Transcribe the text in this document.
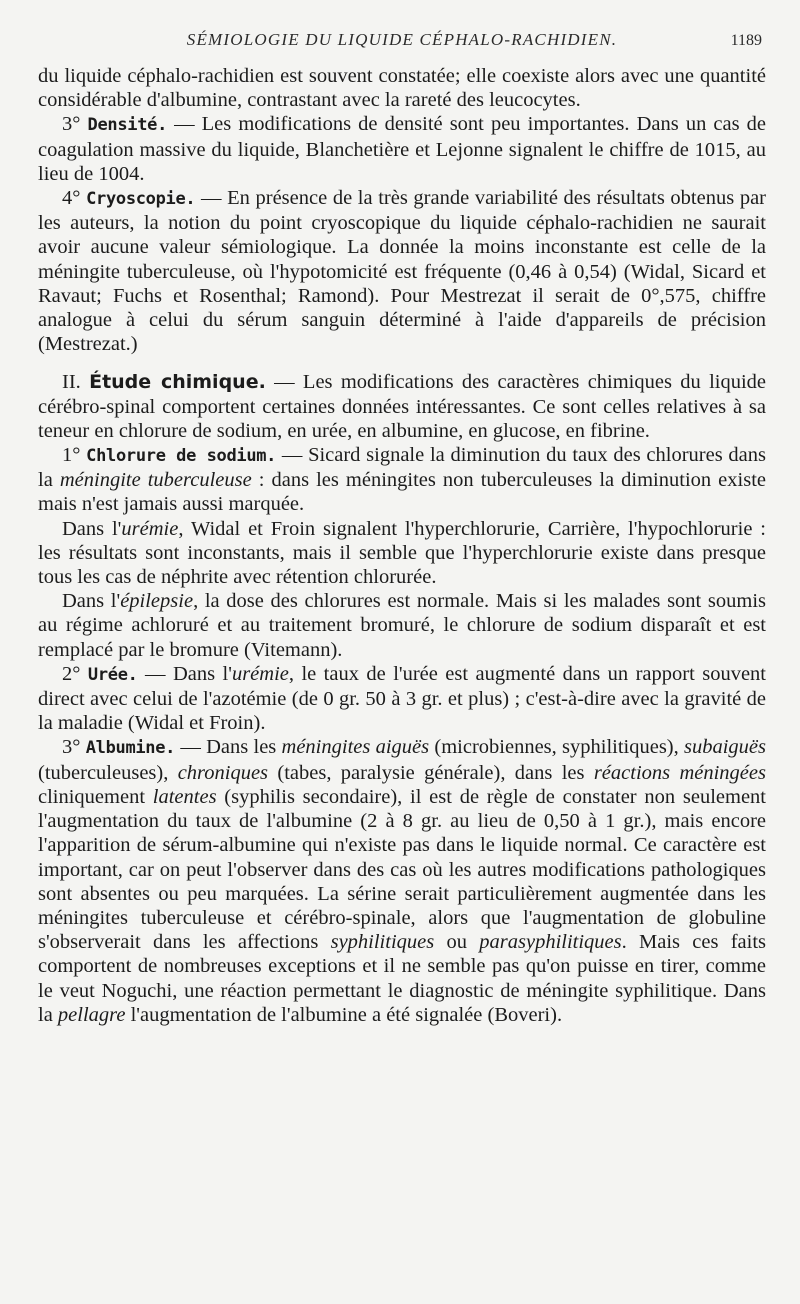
SÉMIOLOGIE DU LIQUIDE CÉPHALO-RACHIDIEN.	1189

du liquide céphalo-rachidien est souvent constatée; elle coexiste alors avec une quantité considérable d'albumine, contrastant avec la rareté des leucocytes.

3° Densité. — Les modifications de densité sont peu importantes. Dans un cas de coagulation massive du liquide, Blanchetière et Lejonne signalent le chiffre de 1015, au lieu de 1004.

4° Cryoscopie. — En présence de la très grande variabilité des résultats obtenus par les auteurs, la notion du point cryoscopique du liquide céphalo-rachidien ne saurait avoir aucune valeur sémiologique. La donnée la moins inconstante est celle de la méningite tuberculeuse, où l'hypotomicité est fréquente (0,46 à 0,54) (Widal, Sicard et Ravaut; Fuchs et Rosenthal; Ramond). Pour Mestrezat il serait de 0°,575, chiffre analogue à celui du sérum sanguin déterminé à l'aide d'appareils de précision (Mestrezat.)

II. Étude chimique. — Les modifications des caractères chimiques du liquide cérébro-spinal comportent certaines données intéressantes. Ce sont celles relatives à sa teneur en chlorure de sodium, en urée, en albumine, en glucose, en fibrine.

1° Chlorure de sodium. — Sicard signale la diminution du taux des chlorures dans la méningite tuberculeuse : dans les méningites non tuberculeuses la diminution existe mais n'est jamais aussi marquée.

Dans l'urémie, Widal et Froin signalent l'hyperchlorurie, Carrière, l'hypochlorurie : les résultats sont inconstants, mais il semble que l'hyperchlorurie existe dans presque tous les cas de néphrite avec rétention chlorurée.

Dans l'épilepsie, la dose des chlorures est normale. Mais si les malades sont soumis au régime achloruré et au traitement bromuré, le chlorure de sodium disparaît et est remplacé par le bromure (Vitemann).

2° Urée. — Dans l'urémie, le taux de l'urée est augmenté dans un rapport souvent direct avec celui de l'azotémie (de 0 gr. 50 à 3 gr. et plus) ; c'est-à-dire avec la gravité de la maladie (Widal et Froin).

3° Albumine. — Dans les méningites aiguës (microbiennes, syphilitiques), subaiguës (tuberculeuses), chroniques (tabes, paralysie générale), dans les réactions méningées cliniquement latentes (syphilis secondaire), il est de règle de constater non seulement l'augmentation du taux de l'albumine (2 à 8 gr. au lieu de 0,50 à 1 gr.), mais encore l'apparition de sérum-albumine qui n'existe pas dans le liquide normal. Ce caractère est important, car on peut l'observer dans des cas où les autres modifications pathologiques sont absentes ou peu marquées. La sérine serait particulièrement augmentée dans les méningites tuberculeuse et cérébro-spinale, alors que l'augmentation de globuline s'observerait dans les affections syphilitiques ou parasyphilitiques. Mais ces faits comportent de nombreuses exceptions et il ne semble pas qu'on puisse en tirer, comme le veut Noguchi, une réaction permettant le diagnostic de méningite syphilitique. Dans la pellagre l'augmentation de l'albumine a été signalée (Boveri).
